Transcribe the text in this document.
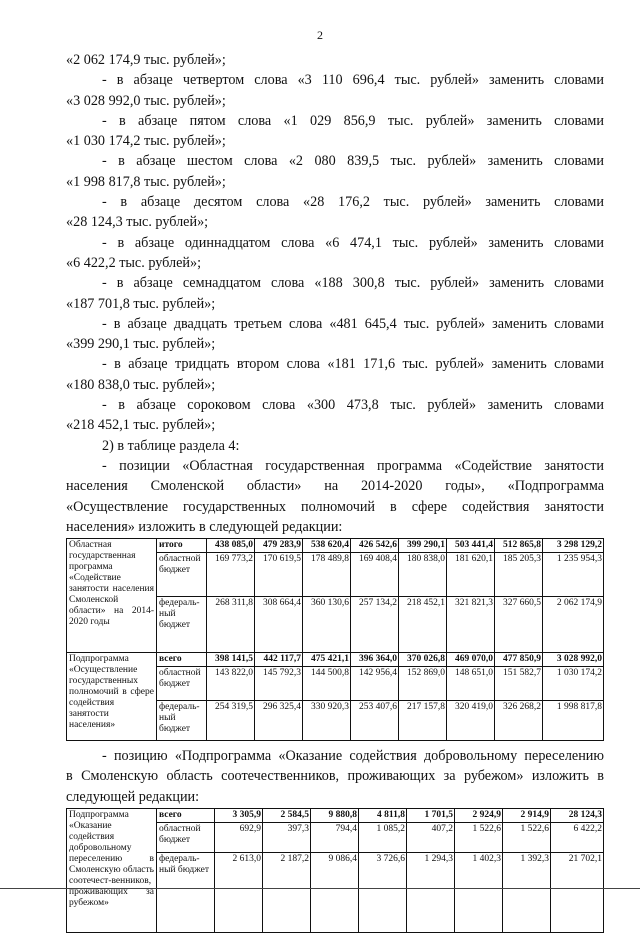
2
«2 062 174,9 тыс. рублей»;
- в абзаце четвертом слова «3 110 696,4 тыс. рублей» заменить словами
«3 028 992,0 тыс. рублей»;
- в абзаце пятом слова «1 029 856,9 тыс. рублей» заменить словами
«1 030 174,2 тыс. рублей»;
- в абзаце шестом слова «2 080 839,5 тыс. рублей» заменить словами
«1 998 817,8 тыс. рублей»;
- в абзаце десятом слова «28 176,2 тыс. рублей» заменить словами
«28 124,3 тыс. рублей»;
- в абзаце одиннадцатом слова «6 474,1 тыс. рублей» заменить словами
«6 422,2 тыс. рублей»;
- в абзаце семнадцатом слова «188 300,8 тыс. рублей» заменить словами
«187 701,8 тыс. рублей»;
- в абзаце двадцать третьем слова «481 645,4 тыс. рублей» заменить словами
«399 290,1 тыс. рублей»;
- в абзаце тридцать втором слова «181 171,6 тыс. рублей» заменить словами
«180 838,0 тыс. рублей»;
- в абзаце сороковом слова «300 473,8 тыс. рублей» заменить словами
«218 452,1 тыс. рублей»;
2) в таблице раздела 4:
- позиции «Областная государственная программа «Содействие занятости
населения Смоленской области» на 2014-2020 годы», «Подпрограмма
«Осуществление государственных полномочий в сфере содействия занятости
населения» изложить в следующей редакции:
Областная государственная программа «Содействие занятости населения Смоленской области» на 2014-2020 годы	итого	438 085,0	479 283,9	538 620,4	426 542,6	399 290,1	503 441,4	512 865,8	3 298 129,2
	областной бюджет	169 773,2	170 619,5	178 489,8	169 408,4	180 838,0	181 620,1	185 205,3	1 235 954,3
	федераль-ный бюджет	268 311,8	308 664,4	360 130,6	257 134,2	218 452,1	321 821,3	327 660,5	2 062 174,9
Подпрограмма «Осуществление государственных полномочий в сфере содействия занятости населения»	всего	398 141,5	442 117,7	475 421,1	396 364,0	370 026,8	469 070,0	477 850,9	3 028 992,0
	областной бюджет	143 822,0	145 792,3	144 500,8	142 956,4	152 869,0	148 651,0	151 582,7	1 030 174,2
	федераль-ный бюджет	254 319,5	296 325,4	330 920,3	253 407,6	217 157,8	320 419,0	326 268,2	1 998 817,8
- позицию «Подпрограмма «Оказание содействия добровольному переселению
в Смоленскую область соотечественников, проживающих за рубежом» изложить в
следующей редакции:
Подпрограмма «Оказание содействия добровольному переселению в Смоленскую область соотечест-венников, проживающих за рубежом»	всего	3 305,9	2 584,5	9 880,8	4 811,8	1 701,5	2 924,9	2 914,9	28 124,3
	областной бюджет	692,9	397,3	794,4	1 085,2	407,2	1 522,6	1 522,6	6 422,2
	федераль-ный бюджет	2 613,0	2 187,2	9 086,4	3 726,6	1 294,3	1 402,3	1 392,3	21 702,1
